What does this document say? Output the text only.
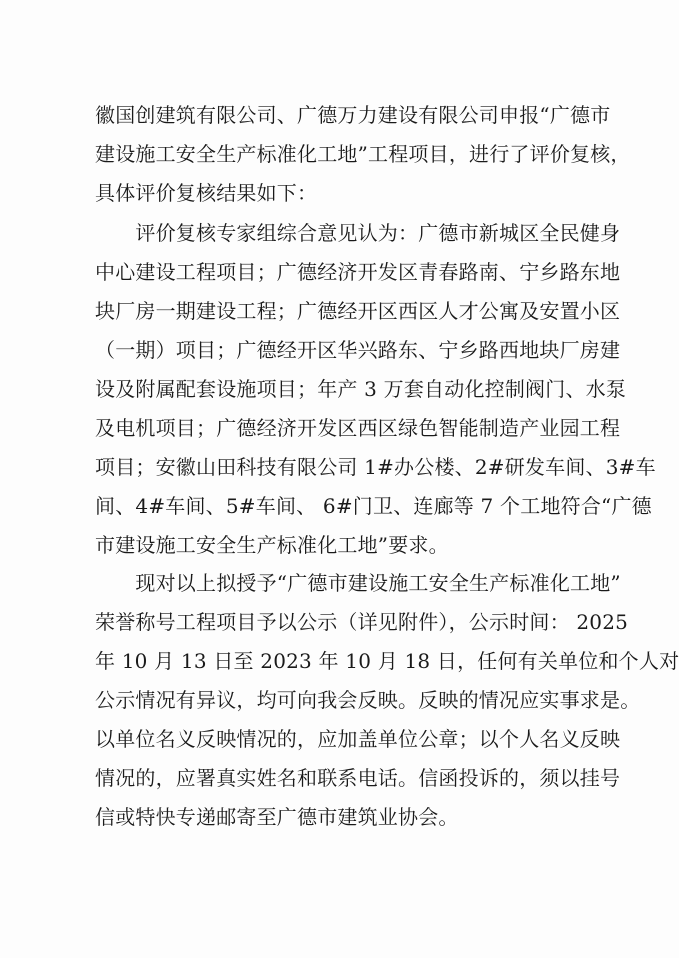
徽国创建筑有限公司、广德万力建设有限公司申报“广德市
建设施工安全生产标准化工地”工程项目，进行了评价复核，
具体评价复核结果如下：
　　评价复核专家组综合意见认为：广德市新城区全民健身
中心建设工程项目；广德经济开发区青春路南、宁乡路东地
块厂房一期建设工程；广德经开区西区人才公寓及安置小区
（一期）项目；广德经开区华兴路东、宁乡路西地块厂房建
设及附属配套设施项目；年产 3 万套自动化控制阀门、水泵
及电机项目；广德经济开发区西区绿色智能制造产业园工程
项目；安徽山田科技有限公司 1#办公楼、2#研发车间、3#车
间、4#车间、5#车间、 6#门卫、连廊等 7 个工地符合“广德
市建设施工安全生产标准化工地”要求。
　　现对以上拟授予“广德市建设施工安全生产标准化工地”
荣誉称号工程项目予以公示（详见附件），公示时间： 2025
年 10 月 13 日至 2023 年 10 月 18 日，任何有关单位和个人对
公示情况有异议，均可向我会反映。反映的情况应实事求是。
以单位名义反映情况的，应加盖单位公章；以个人名义反映
情况的，应署真实姓名和联系电话。信函投诉的，须以挂号
信或特快专递邮寄至广德市建筑业协会。
